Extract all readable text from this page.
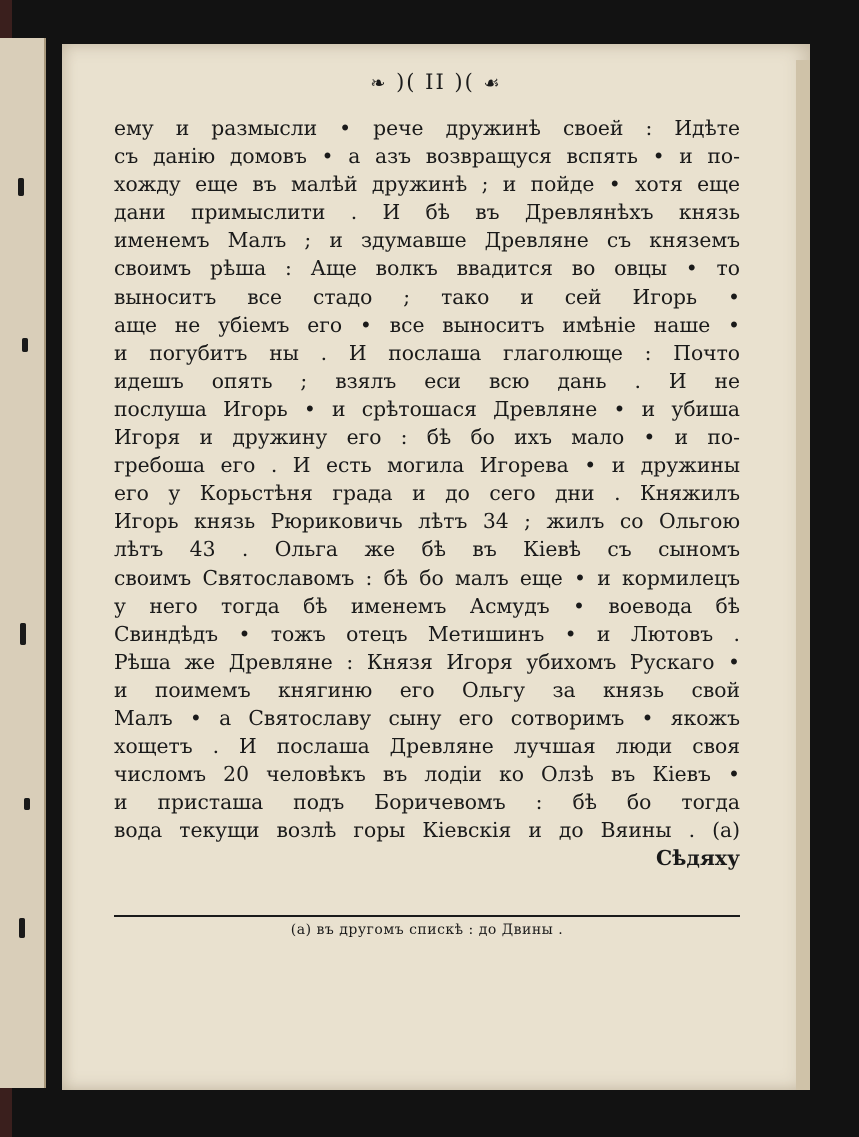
❧ )( II )( ☙
ему и размысли • рече дружинѣ своей : Идѣте
съ данію домовъ • а азъ возвращуся вспять • и по-
хожду еще въ малѣй дружинѣ ; и пойде • хотя еще
дани примыслити . И бѣ въ Древлянѣхъ князь
именемъ Малъ ; и здумавше Древляне съ княземъ
своимъ рѣша : Аще волкъ ввадится во овцы • то
выноситъ все стадо ; тако и сей Игорь •
аще не убіемъ его • все выноситъ имѣніе наше •
и погубитъ ны . И послаша глаголюще : Почто
идешъ опять ; взялъ еси всю дань . И не
послуша Игорь • и срѣтошася Древляне • и убиша
Игоря и дружину его : бѣ бо ихъ мало • и по-
гребоша его . И есть могила Игорева • и дружины
его у Корьстѣня града и до сего дни . Княжилъ
Игорь князь Рюриковичь лѣтъ 34 ; жилъ со Ольгою
лѣтъ 43 . Ольга же бѣ въ Кіевѣ съ сыномъ
своимъ Святославомъ : бѣ бо малъ еще • и кормилецъ
у него тогда бѣ именемъ Асмудъ • воевода бѣ
Свиндѣдъ • тожъ отецъ Метишинъ • и Лютовъ .
Рѣша же Древляне : Князя Игоря убихомъ Рускаго •
и поимемъ княгиню его Ольгу за князь свой
Малъ • а Святославу сыну его сотворимъ • якожъ
хощетъ . И послаша Древляне лучшая люди своя
числомъ 20 человѣкъ въ лодіи ко Олзѣ въ Кіевъ •
и присташа подъ Боричевомъ : бѣ бо тогда
вода текущи возлѣ горы Кіевскія и до Вяины . (а)
Сѣдяху
(а) въ другомъ спискѣ : до Двины .
